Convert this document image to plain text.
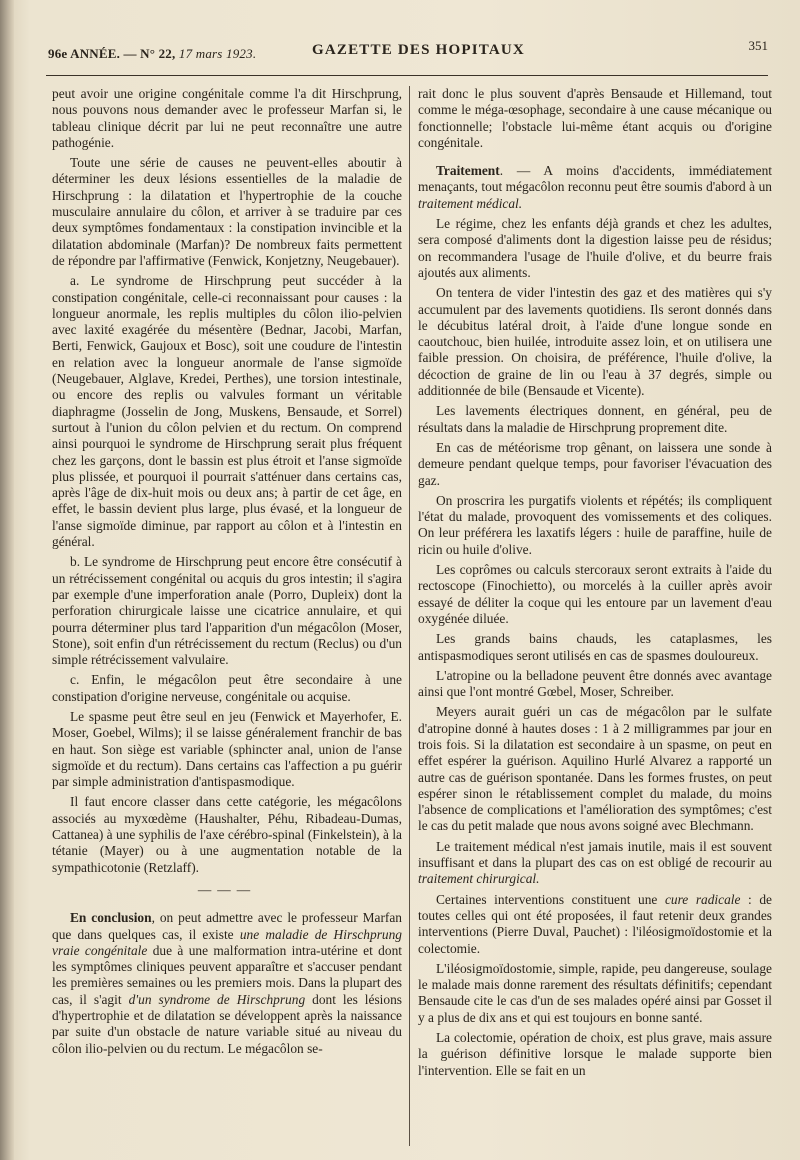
96e ANNÉE. — N° 22, 17 mars 1923.	GAZETTE DES HOPITAUX	351

peut avoir une origine congénitale comme l'a dit Hirschprung, nous pouvons nous demander avec le professeur Marfan si, le tableau clinique décrit par lui ne peut reconnaître une autre pathogénie.

Toute une série de causes ne peuvent-elles aboutir à déterminer les deux lésions essentielles de la maladie de Hirschprung : la dilatation et l'hypertrophie de la couche musculaire annulaire du côlon, et arriver à se traduire par ces deux symptômes fondamentaux : la constipation invincible et la dilatation abdominale (Marfan)? De nombreux faits permettent de répondre par l'affirmative (Fenwick, Konjetzny, Neugebauer).

a. Le syndrome de Hirschprung peut succéder à la constipation congénitale, celle-ci reconnaissant pour causes : la longueur anormale, les replis multiples du côlon ilio-pelvien avec laxité exagérée du mésentère (Bednar, Jacobi, Marfan, Berti, Fenwick, Gaujoux et Bosc), soit une coudure de l'intestin en relation avec la longueur anormale de l'anse sigmoïde (Neugebauer, Alglave, Kredei, Perthes), une torsion intestinale, ou encore des replis ou valvules formant un véritable diaphragme (Josselin de Jong, Muskens, Bensaude, et Sorrel) surtout à l'union du côlon pelvien et du rectum. On comprend ainsi pourquoi le syndrome de Hirschprung serait plus fréquent chez les garçons, dont le bassin est plus étroit et l'anse sigmoïde plus plissée, et pourquoi il pourrait s'atténuer dans certains cas, après l'âge de dix-huit mois ou deux ans; à partir de cet âge, en effet, le bassin devient plus large, plus évasé, et la longueur de l'anse sigmoïde diminue, par rapport au côlon et à l'intestin en général.

b. Le syndrome de Hirschprung peut encore être consécutif à un rétrécissement congénital ou acquis du gros intestin; il s'agira par exemple d'une imperforation anale (Porro, Dupleix) dont la perforation chirurgicale laisse une cicatrice annulaire, et qui pourra déterminer plus tard l'apparition d'un mégacôlon (Moser, Stone), soit enfin d'un rétrécissement du rectum (Reclus) ou d'un simple rétrécissement valvulaire.

c. Enfin, le mégacôlon peut être secondaire à une constipation d'origine nerveuse, congénitale ou acquise.

Le spasme peut être seul en jeu (Fenwick et Mayerhofer, E. Moser, Goebel, Wilms); il se laisse généralement franchir de bas en haut. Son siège est variable (sphincter anal, union de l'anse sigmoïde et du rectum). Dans certains cas l'affection a pu guérir par simple administration d'antispasmodique.

Il faut encore classer dans cette catégorie, les mégacôlons associés au myxœdème (Haushalter, Péhu, Ribadeau-Dumas, Cattanea) à une syphilis de l'axe cérébro-spinal (Finkelstein), à la tétanie (Mayer) ou à une augmentation notable de la sympathicotonie (Retzlaff).

———

En conclusion, on peut admettre avec le professeur Marfan que dans quelques cas, il existe une maladie de Hirschprung vraie congénitale due à une malformation intra-utérine et dont les symptômes cliniques peuvent apparaître et s'accuser pendant les premières semaines ou les premiers mois. Dans la plupart des cas, il s'agit d'un syndrome de Hirschprung dont les lésions d'hypertrophie et de dilatation se développent après la naissance par suite d'un obstacle de nature variable situé au niveau du côlon ilio-pelvien ou du rectum. Le mégacôlon se-

rait donc le plus souvent d'après Bensaude et Hillemand, tout comme le méga-œsophage, secondaire à une cause mécanique ou fonctionnelle; l'obstacle lui-même étant acquis ou d'origine congénitale.

Traitement. — A moins d'accidents, immédiatement menaçants, tout mégacôlon reconnu peut être soumis d'abord à un traitement médical.

Le régime, chez les enfants déjà grands et chez les adultes, sera composé d'aliments dont la digestion laisse peu de résidus; on recommandera l'usage de l'huile d'olive, et du beurre frais ajoutés aux aliments.

On tentera de vider l'intestin des gaz et des matières qui s'y accumulent par des lavements quotidiens. Ils seront donnés dans le décubitus latéral droit, à l'aide d'une longue sonde en caoutchouc, bien huilée, introduite assez loin, et on utilisera une faible pression. On choisira, de préférence, l'huile d'olive, la décoction de graine de lin ou l'eau à 37 degrés, simple ou additionnée de bile (Bensaude et Vicente).

Les lavements électriques donnent, en général, peu de résultats dans la maladie de Hirschprung proprement dite.

En cas de météorisme trop gênant, on laissera une sonde à demeure pendant quelque temps, pour favoriser l'évacuation des gaz.

On proscrira les purgatifs violents et répétés; ils compliquent l'état du malade, provoquent des vomissements et des coliques. On leur préférera les laxatifs légers : huile de paraffine, huile de ricin ou huile d'olive.

Les coprômes ou calculs stercoraux seront extraits à l'aide du rectoscope (Finochietto), ou morcelés à la cuiller après avoir essayé de déliter la coque qui les entoure par un lavement d'eau oxygénée diluée.

Les grands bains chauds, les cataplasmes, les antispasmodiques seront utilisés en cas de spasmes douloureux.

L'atropine ou la belladone peuvent être donnés avec avantage ainsi que l'ont montré Gœbel, Moser, Schreiber.

Meyers aurait guéri un cas de mégacôlon par le sulfate d'atropine donné à hautes doses : 1 à 2 milligrammes par jour en trois fois. Si la dilatation est secondaire à un spasme, on peut en effet espérer la guérison. Aquilino Hurlé Alvarez a rapporté un autre cas de guérison spontanée. Dans les formes frustes, on peut espérer sinon le rétablissement complet du malade, du moins l'absence de complications et l'amélioration des symptômes; c'est le cas du petit malade que nous avons soigné avec Blechmann.

Le traitement médical n'est jamais inutile, mais il est souvent insuffisant et dans la plupart des cas on est obligé de recourir au traitement chirurgical.

Certaines interventions constituent une cure radicale : de toutes celles qui ont été proposées, il faut retenir deux grandes interventions (Pierre Duval, Pauchet) : l'iléosigmoïdostomie et la colectomie.

L'iléosigmoïdostomie, simple, rapide, peu dangereuse, soulage le malade mais donne rarement des résultats définitifs; cependant Bensaude cite le cas d'un de ses malades opéré ainsi par Gosset il y a plus de dix ans et qui est toujours en bonne santé.

La colectomie, opération de choix, est plus grave, mais assure la guérison définitive lorsque le malade supporte bien l'intervention. Elle se fait en un
